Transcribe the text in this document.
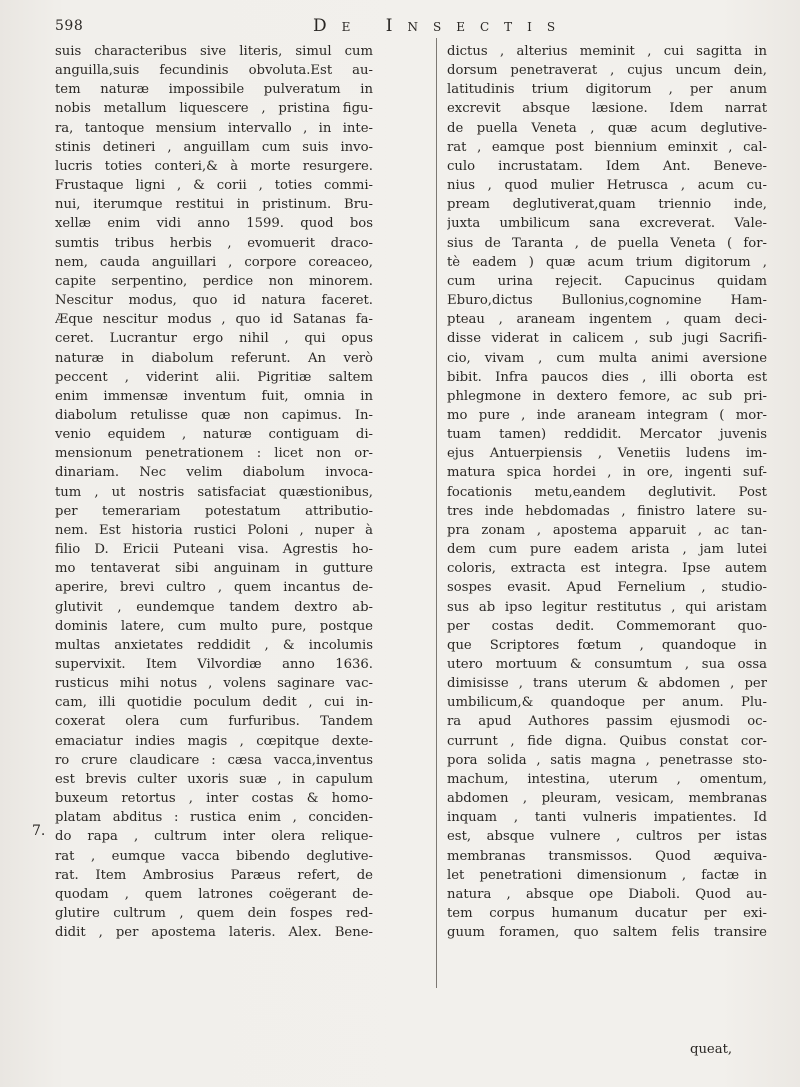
598	De Insectis
7.
suis characteribus sive literis, simul cum
anguilla,suis fecundinis obvoluta.Est au-
tem naturæ impossibile pulveratum in
nobis metallum liquescere , pristina figu-
ra, tantoque mensium intervallo , in inte-
stinis detineri , anguillam cum suis invo-
lucris toties conteri,& à morte resurgere.
Frustaque ligni , & corii , toties commi-
nui, iterumque restitui in pristinum. Bru-
xellæ enim vidi anno 1599. quod bos
sumtis tribus herbis , evomuerit draco-
nem, cauda anguillari , corpore coreaceo,
capite serpentino, perdice non minorem.
Nescitur modus, quo id natura faceret.
Æque nescitur modus , quo id Satanas fa-
ceret. Lucrantur ergo nihil , qui opus
naturæ in diabolum referunt. An verò
peccent , viderint alii. Pigritiæ saltem
enim immensæ inventum fuit, omnia in
diabolum retulisse quæ non capimus. In-
venio equidem , naturæ contiguam di-
mensionum penetrationem : licet non or-
dinariam. Nec velim diabolum invoca-
tum , ut nostris satisfaciat quæstionibus,
per temerariam potestatum attributio-
nem. Est historia rustici Poloni , nuper à
filio D. Ericii Puteani visa. Agrestis ho-
mo tentaverat sibi anguinam in gutture
aperire, brevi cultro , quem incantus de-
glutivit , eundemque tandem dextro ab-
dominis latere, cum multo pure, postque
multas anxietates reddidit , & incolumis
supervixit. Item Vilvordiæ anno 1636.
rusticus mihi notus , volens saginare vac-
cam, illi quotidie poculum dedit , cui in-
coxerat olera cum furfuribus. Tandem
emaciatur indies magis , cœpitque dexte-
ro crure claudicare : cæsa vacca,inventus
est brevis culter uxoris suæ , in capulum
buxeum retortus , inter costas & homo-
platam abditus : rustica enim , conciden-
do rapa , cultrum inter olera relique-
rat , eumque vacca bibendo deglutive-
rat. Item Ambrosius Paræus refert, de
quodam , quem latrones coëgerant de-
glutire cultrum , quem dein fospes red-
didit , per apostema lateris. Alex. Bene-
dictus , alterius meminit , cui sagitta in
dorsum penetraverat , cujus uncum dein,
latitudinis trium digitorum , per anum
excrevit absque læsione. Idem narrat
de puella Veneta , quæ acum deglutive-
rat , eamque post biennium eminxit , cal-
culo incrustatam. Idem Ant. Beneve-
nius , quod mulier Hetrusca , acum cu-
pream deglutiverat,quam triennio inde,
juxta umbilicum sana excreverat. Vale-
sius de Taranta , de puella Veneta ( for-
tè eadem ) quæ acum trium digitorum ,
cum urina rejecit. Capucinus quidam
Eburo,dictus Bullonius,cognomine Ham-
pteau , araneam ingentem , quam deci-
disse viderat in calicem , sub jugi Sacrifi-
cio, vivam , cum multa animi aversione
bibit. Infra paucos dies , illi oborta est
phlegmone in dextero femore, ac sub pri-
mo pure , inde araneam integram ( mor-
tuam tamen) reddidit. Mercator juvenis
ejus Antuerpiensis , Venetiis ludens im-
matura spica hordei , in ore, ingenti suf-
focationis metu,eandem deglutivit. Post
tres inde hebdomadas , finistro latere su-
pra zonam , apostema apparuit , ac tan-
dem cum pure eadem arista , jam lutei
coloris, extracta est integra. Ipse autem
sospes evasit. Apud Fernelium , studio-
sus ab ipso legitur restitutus , qui aristam
per costas dedit. Commemorant quo-
que Scriptores fœtum , quandoque in
utero mortuum & consumtum , sua ossa
dimisisse , trans uterum & abdomen , per
umbilicum,& quandoque per anum. Plu-
ra apud Authores passim ejusmodi oc-
currunt , fide digna. Quibus constat cor-
pora solida , satis magna , penetrasse sto-
machum, intestina, uterum , omentum,
abdomen , pleuram, vesicam, membranas
inquam , tanti vulneris impatientes. Id
est, absque vulnere , cultros per istas
membranas transmissos. Quod æquiva-
let penetrationi dimensionum , factæ in
natura , absque ope Diaboli. Quod au-
tem corpus humanum ducatur per exi-
guum foramen, quo saltem felis transire
queat,
